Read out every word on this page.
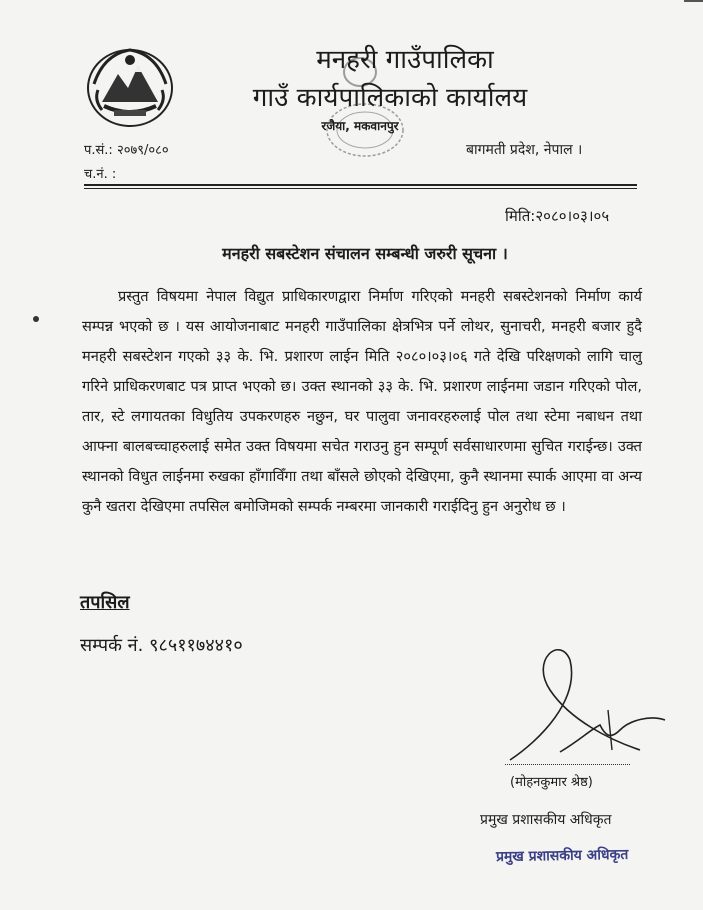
मनहरी गाउँपालिका
गाउँ कार्यपालिकाको कार्यालय
रजैया, मकवानपुर
प.सं.: २०७९/०८०
च.नं. :
बागमती प्रदेश, नेपाल ।
मिति:२०८०।०३।०५
मनहरी सबस्टेशन संचालन सम्बन्धी जरुरी सूचना ।

प्रस्तुत विषयमा नेपाल विद्युत प्राधिकारणद्वारा निर्माण गरिएको मनहरी सबस्टेशनको निर्माण कार्य सम्पन्न भएको छ । यस आयोजनाबाट मनहरी गाउँपालिका क्षेत्रभित्र पर्ने लोथर, सुनाचरी, मनहरी बजार हुदै मनहरी सबस्टेशन गएको ३३ के. भि. प्रशारण लाईन मिति २०८०।०३।०६ गते देखि परिक्षणको लागि चालु गरिने प्राधिकरणबाट पत्र प्राप्त भएको छ। उक्त स्थानको ३३ के. भि. प्रशारण लाईनमा जडान गरिएको पोल, तार, स्टे लगायतका विधुतिय उपकरणहरु नछुन, घर पालुवा जनावरहरुलाई पोल तथा स्टेमा नबाधन तथा आफ्ना बालबच्चाहरुलाई समेत उक्त विषयमा सचेत गराउनु हुन सम्पूर्ण सर्वसाधारणमा सुचित गराईन्छ। उक्त स्थानको विधुत लाईनमा रुखका हाँगाविँगा तथा बाँसले छोएको देखिएमा, कुनै स्थानमा स्पार्क आएमा वा अन्य कुनै खतरा देखिएमा तपसिल बमोजिमको सम्पर्क नम्बरमा जानकारी गराईदिनु हुन अनुरोध छ ।

तपसिल
सम्पर्क नं. ९८५११७४४१०
(मोहनकुमार श्रेष्ठ)
प्रमुख प्रशासकीय अधिकृत
प्रमुख प्रशासकीय अधिकृत
